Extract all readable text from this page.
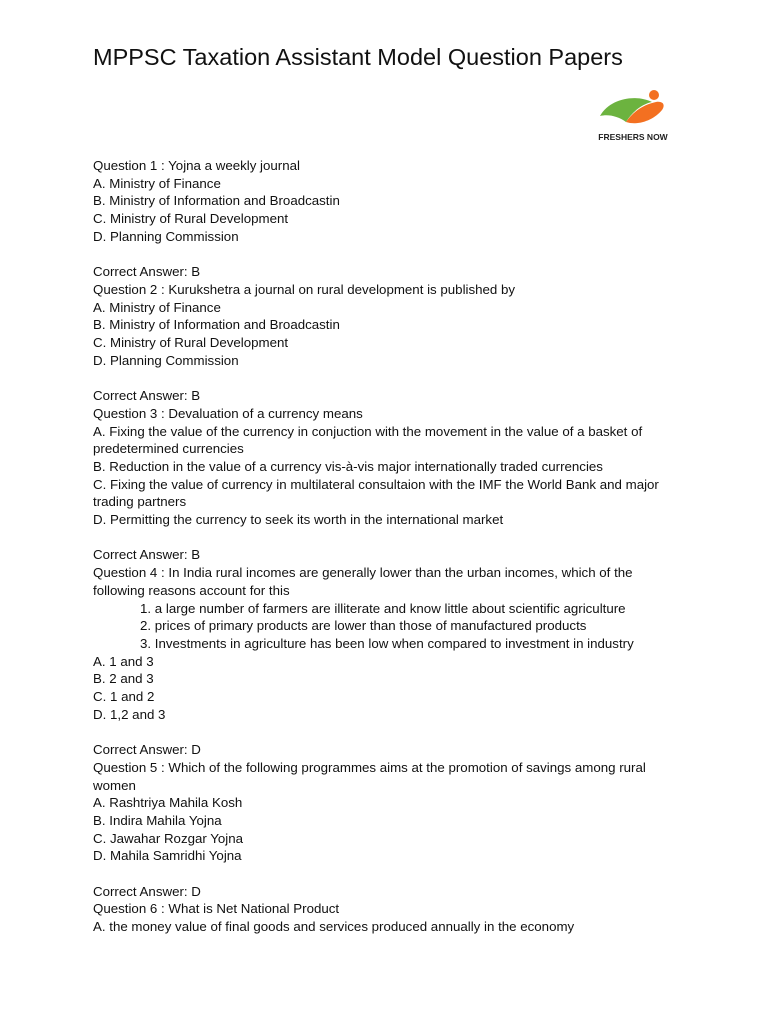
MPPSC Taxation Assistant Model Question Papers
FRESHERS NOW

Question 1 : Yojna a weekly journal

A. Ministry of Finance

B. Ministry of Information and Broadcastin

C. Ministry of Rural Development

D. Planning Commission

Correct Answer: B

Question 2 : Kurukshetra a journal on rural development is published by

A. Ministry of Finance

B. Ministry of Information and Broadcastin

C. Ministry of Rural Development

D. Planning Commission

Correct Answer: B

Question 3 : Devaluation of a currency means

A. Fixing the value of the currency in conjuction with the movement in the value of a basket of predetermined currencies

B. Reduction in the value of a currency vis-à-vis major internationally traded currencies

C. Fixing the value of currency in multilateral consultaion with the IMF the World Bank and major trading partners

D. Permitting the currency to seek its worth in the international market

Correct Answer: B

Question 4 : In India rural incomes are generally lower than the urban incomes, which of the following reasons account for this

1. a large number of farmers are illiterate and know little about scientific agriculture

2. prices of primary products are lower than those of manufactured products

3. Investments in agriculture has been low when compared to investment in industry

A. 1 and 3

B. 2 and 3

C. 1 and 2

D. 1,2 and 3

Correct Answer: D

Question 5 : Which of the following programmes aims at the promotion of savings among rural women

A. Rashtriya Mahila Kosh

B. Indira Mahila Yojna

C. Jawahar Rozgar Yojna

D. Mahila Samridhi Yojna

Correct Answer: D

Question 6 : What is Net National Product

A. the money value of final goods and services produced annually in the economy
